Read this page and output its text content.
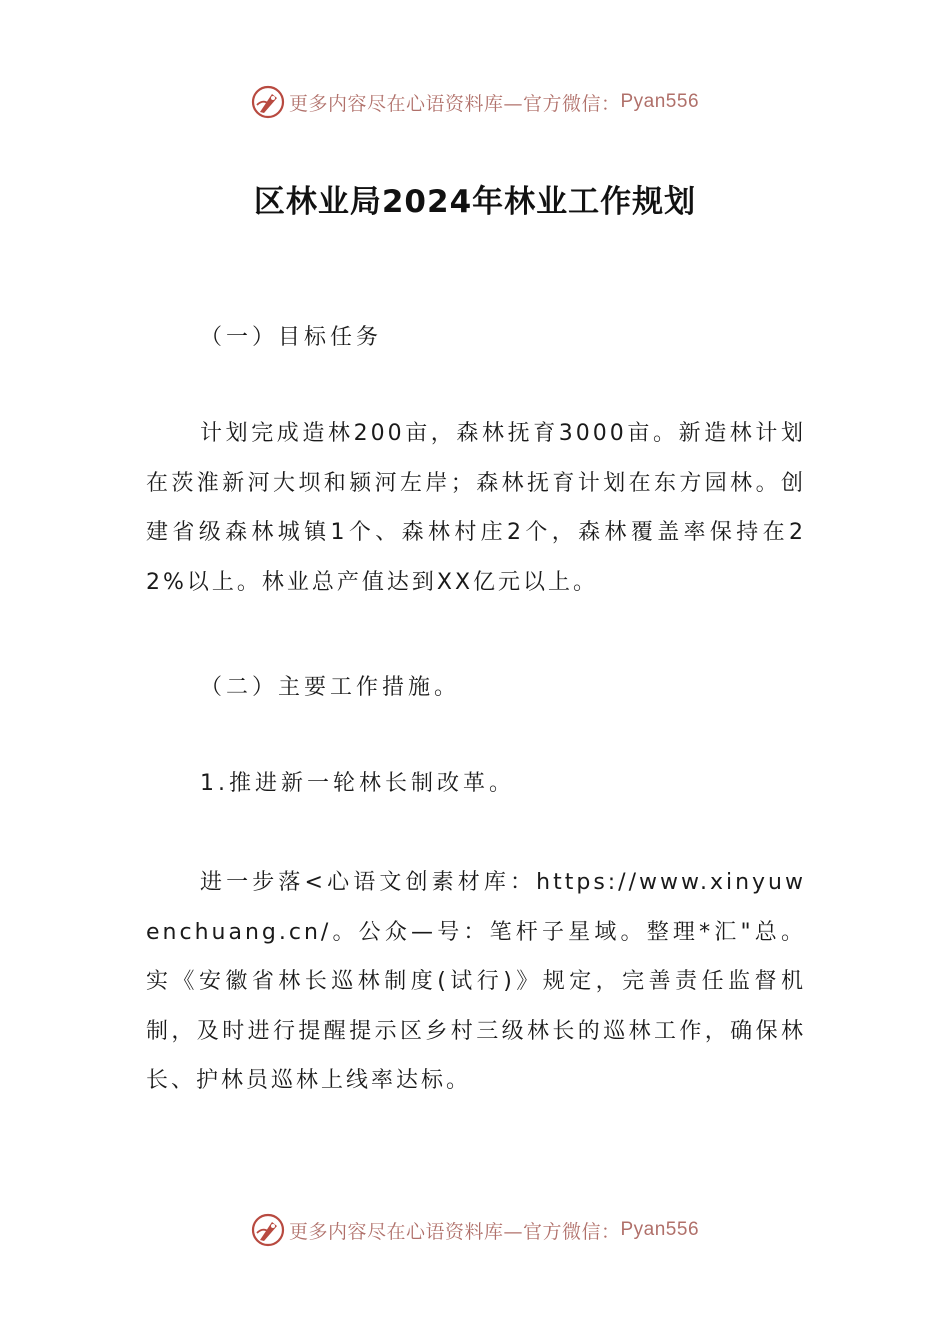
更多内容尽在心语资料库—官方微信： Pyan556
区林业局2024年林业工作规划
（一）目标任务
计划完成造林200亩，森林抚育3000亩。新造林计划在茨淮新河大坝和颍河左岸；森林抚育计划在东方园林。创建省级森林城镇1个、森林村庄2个，森林覆盖率保持在22%以上。林业总产值达到XX亿元以上。
（二）主要工作措施。
1.推进新一轮林长制改革。
进一步落<心语文创素材库：https://www.xinyuwenchuang.cn/。公众—号：笔杆子星域。整理*汇"总。实《安徽省林长巡林制度(试行)》规定，完善责任监督机制，及时进行提醒提示区乡村三级林长的巡林工作，确保林长、护林员巡林上线率达标。
更多内容尽在心语资料库—官方微信： Pyan556
